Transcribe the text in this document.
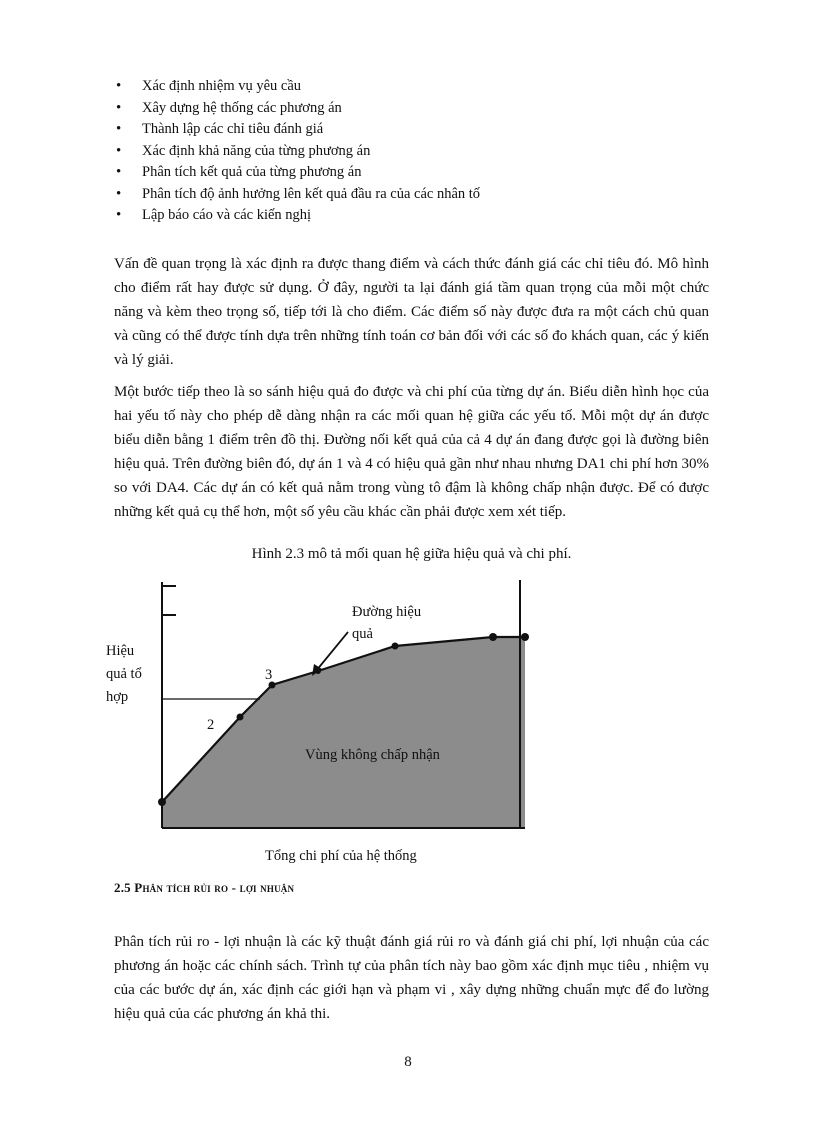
• Xác định nhiệm vụ yêu cầu
• Xây dựng hệ thống các phương án
• Thành lập các chỉ tiêu đánh giá
• Xác định khả năng của từng phương án
• Phân tích kết quả của từng phương án
• Phân tích độ ảnh hưởng lên kết quả đầu ra của các nhân tố
• Lập báo cáo và các kiến nghị

Vấn đề quan trọng là xác định ra được thang điểm và cách thức đánh giá các chỉ tiêu đó. Mô hình cho điểm rất hay được sử dụng. Ở đây, người ta lại đánh giá tầm quan trọng của mỗi một chức năng và kèm theo trọng số, tiếp tới là cho điểm. Các điểm số này được đưa ra một cách chủ quan và cũng có thể được tính dựa trên những tính toán cơ bản đối với các số đo khách quan, các ý kiến và lý giải.

Một bước tiếp theo là so sánh hiệu quả đo được và chi phí của từng dự án. Biểu diễn hình học của hai yếu tố này cho phép dễ dàng nhận ra các mối quan hệ giữa các yếu tố. Mỗi một dự án được biểu diễn bằng 1 điểm trên đồ thị. Đường nối kết quả của cả 4 dự án đang được gọi là đường biên hiệu quả. Trên đường biên đó, dự án 1 và 4 có hiệu quả gần như nhau nhưng DA1 chi phí hơn 30% so với DA4. Các dự án có kết quả nằm trong vùng tô đậm là không chấp nhận được. Để có được những kết quả cụ thể hơn, một số yêu cầu khác cần phải được xem xét tiếp.

Hình 2.3 mô tả mối quan hệ giữa hiệu quả và chi phí.
Hiệu
quả tổ
hợp
Đường hiệu
quả
3
2
Vùng không chấp nhận
Tổng chi phí của hệ thống
2.5 Phân tích rủi ro - lợi nhuận

Phân tích rủi ro - lợi nhuận là các kỹ thuật đánh giá rủi ro và đánh giá chi phí, lợi nhuận của các phương án hoặc các chính sách. Trình tự của phân tích này bao gồm xác định mục tiêu , nhiệm vụ của các bước dự án, xác định các giới hạn và phạm vi , xây dựng những chuẩn mực để đo lường hiệu quả của các phương án khả thi.

8
